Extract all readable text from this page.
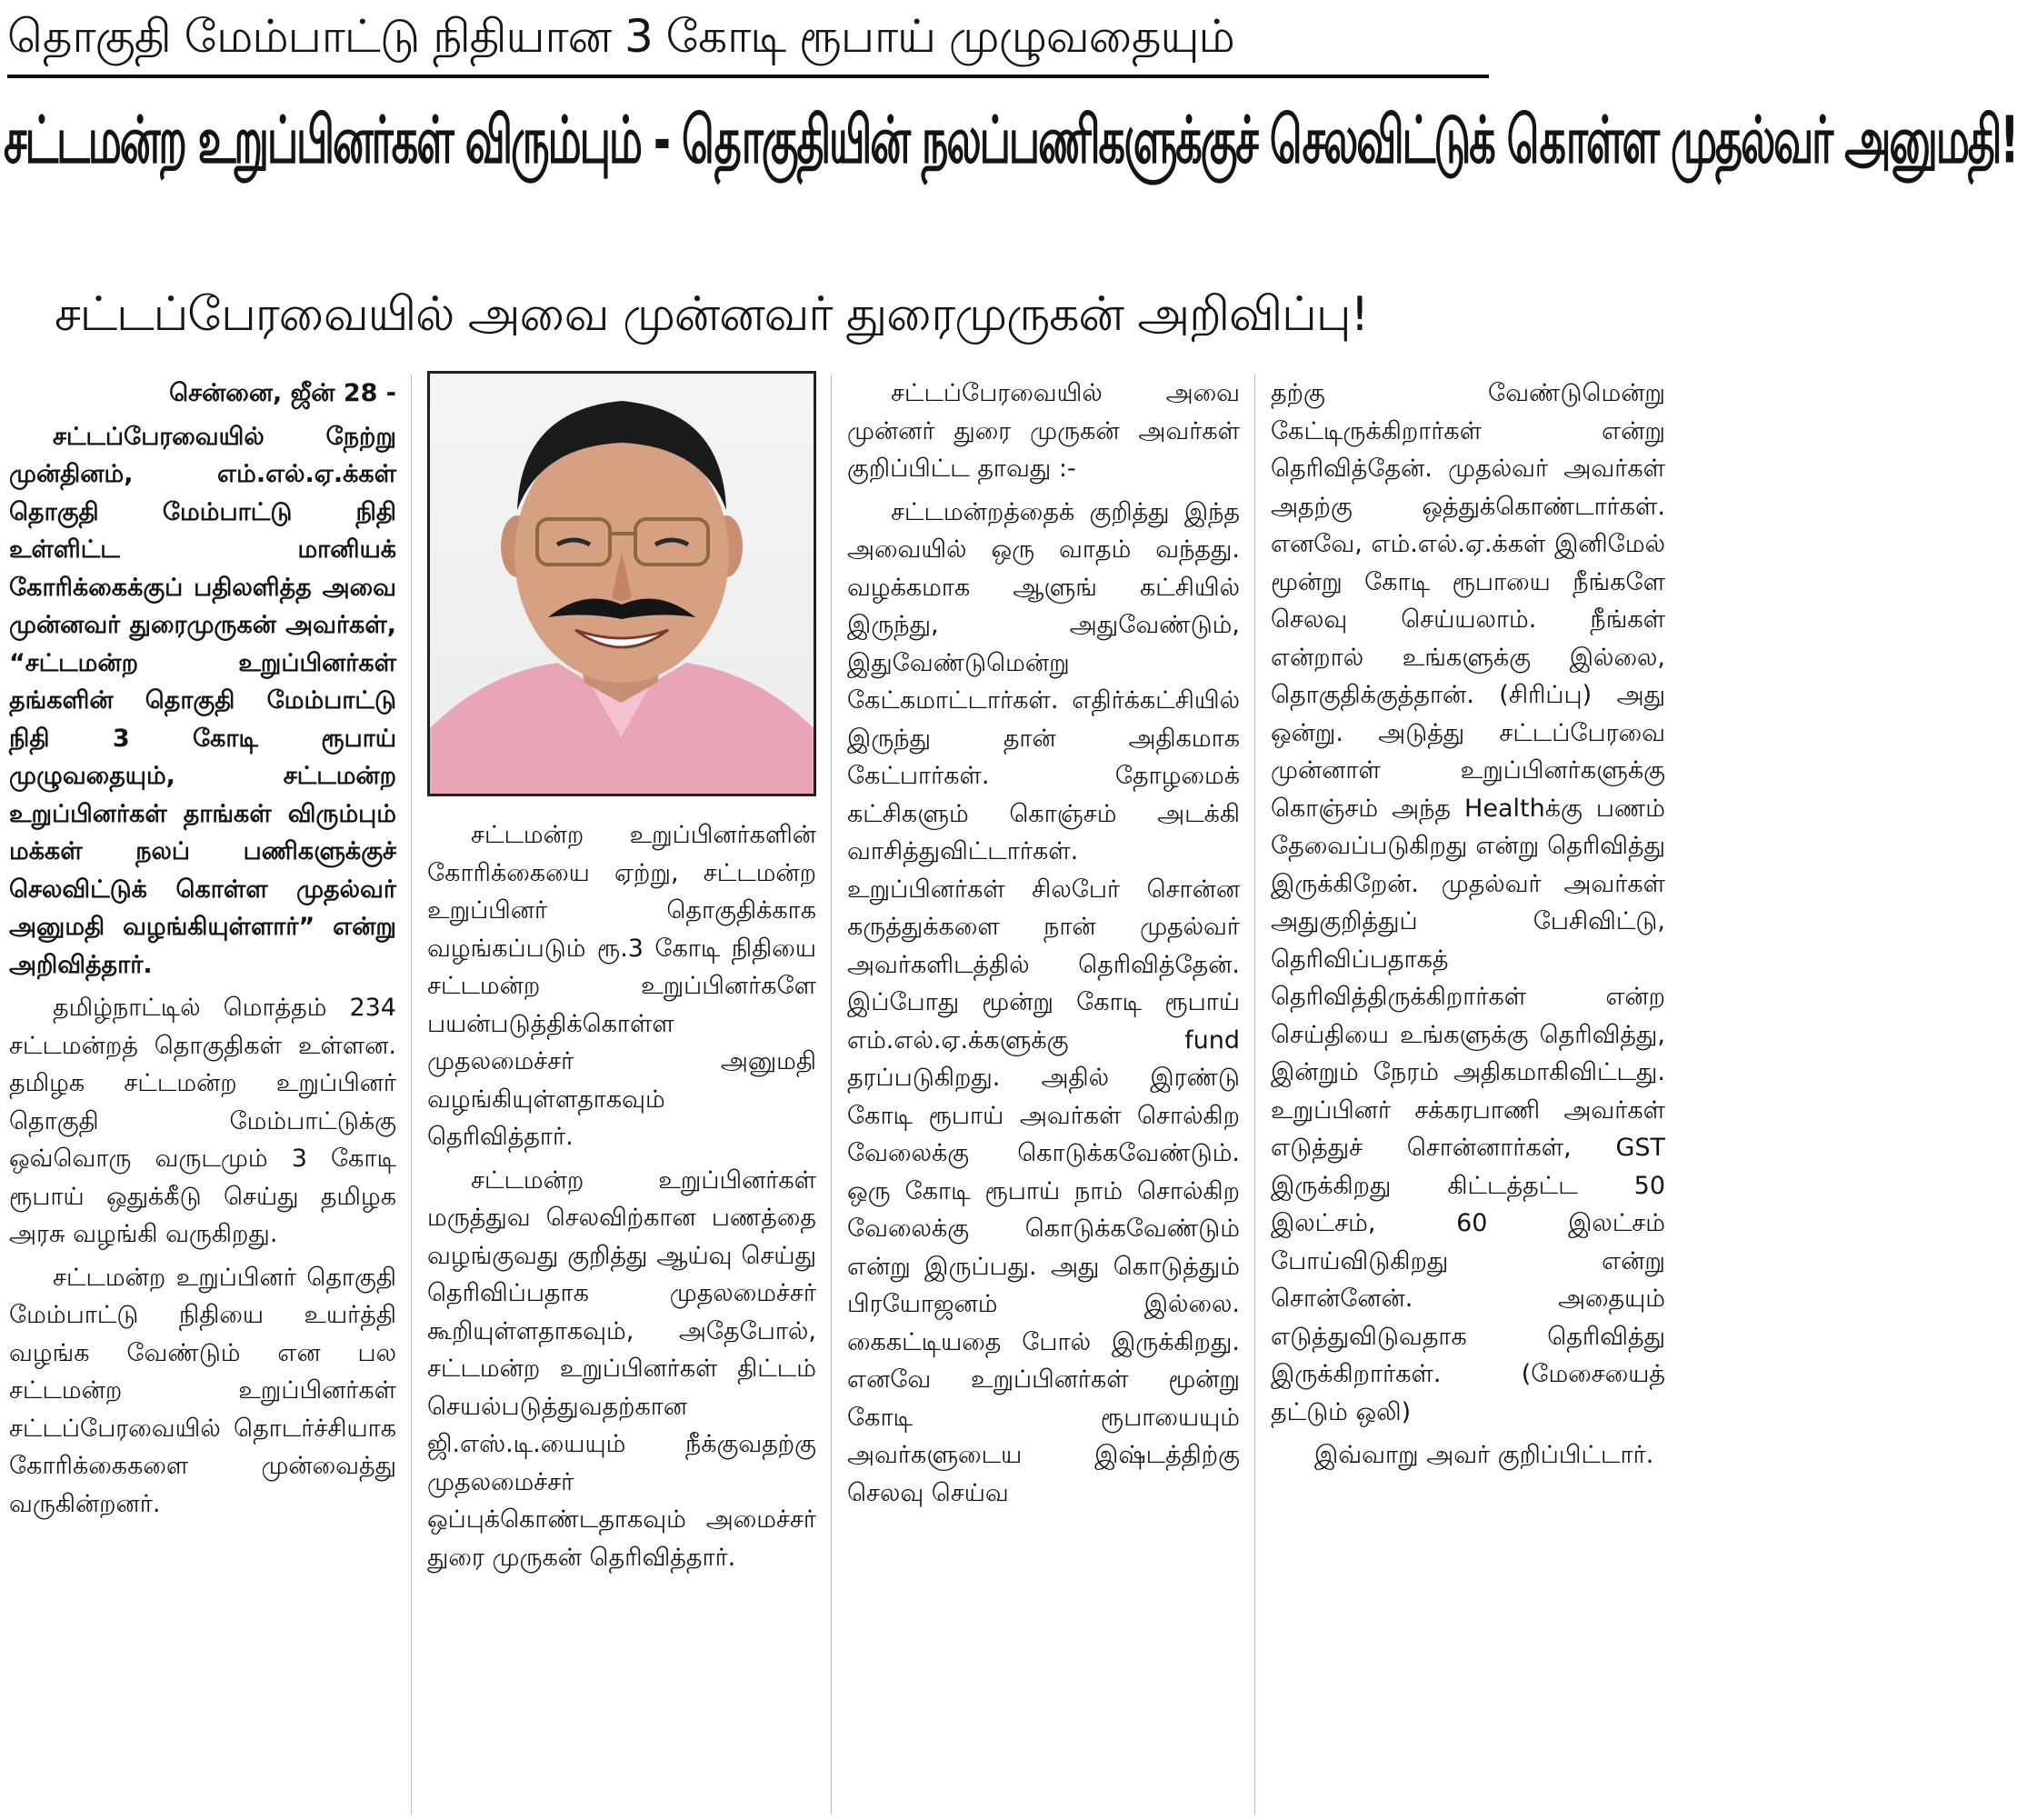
தொகுதி மேம்பாட்டு நிதியான 3 கோடி ரூபாய் முழுவதையும்
சட்டமன்ற உறுப்பினர்கள் விரும்பும் - தொகுதியின் நலப்பணிகளுக்குச் செலவிட்டுக் கொள்ள முதல்வர் அனுமதி!
சட்டப்பேரவையில் அவை முன்னவர் துரைமுருகன் அறிவிப்பு!

சென்னை, ஜீன் 28 -

சட்டப்பேரவையில் நேற்று முன்தினம், எம்.எல்.ஏ.க்கள் தொகுதி மேம்பாட்டு நிதி உள்ளிட்ட மானியக் கோரிக்கைக்குப் பதிலளித்த அவை முன்னவர் துரைமுருகன் அவர்கள், “சட்டமன்ற உறுப்பினர்கள் தங்களின் தொகுதி மேம்பாட்டு நிதி 3 கோடி ரூபாய் முழுவதையும், சட்டமன்ற உறுப்பினர்கள் தாங்கள் விரும்பும் மக்கள் நலப் பணிகளுக்குச் செலவிட்டுக் கொள்ள முதல்வர் அனுமதி வழங்கியுள்ளார்” என்று அறிவித்தார்.

தமிழ்நாட்டில் மொத்தம் 234 சட்டமன்றத் தொகுதிகள் உள்ளன. தமிழக சட்டமன்ற உறுப்பினர் தொகுதி மேம்பாட்டுக்கு ஒவ்வொரு வருடமும் 3 கோடி ரூபாய் ஒதுக்கீடு செய்து தமிழக அரசு வழங்கி வருகிறது.

சட்டமன்ற உறுப்பினர் தொகுதி மேம்பாட்டு நிதியை உயர்த்தி வழங்க வேண்டும் என பல சட்டமன்ற உறுப்பினர்கள் சட்டப்பேரவையில் தொடர்ச்சியாக கோரிக்கைகளை முன்வைத்து வருகின்றனர்.

சட்டமன்ற உறுப்பினர்களின் கோரிக்கையை ஏற்று, சட்டமன்ற உறுப்பினர் தொகுதிக்காக வழங்கப்படும் ரூ.3 கோடி நிதியை சட்டமன்ற உறுப்பினர்களே பயன்படுத்திக்கொள்ள முதலமைச்சர் அனுமதி வழங்கியுள்ளதாகவும் தெரிவித்தார்.

சட்டமன்ற உறுப்பினர்கள் மருத்துவ செலவிற்கான பணத்தை வழங்குவது குறித்து ஆய்வு செய்து தெரிவிப்பதாக முதலமைச்சர் கூறியுள்ளதாகவும், அதேபோல், சட்டமன்ற உறுப்பினர்கள் திட்டம் செயல்படுத்துவதற்கான ஜி.எஸ்.டி.யையும் நீக்குவதற்கு முதலமைச்சர் ஒப்புக்கொண்டதாகவும் அமைச்சர் துரை முருகன் தெரிவித்தார்.

சட்டப்பேரவையில் அவை முன்னர் துரை முருகன் அவர்கள் குறிப்பிட்ட தாவது :-

சட்டமன்றத்தைக் குறித்து இந்த அவையில் ஒரு வாதம் வந்தது. வழக்கமாக ஆளுங் கட்சியில் இருந்து, அதுவேண்டும், இதுவேண்டுமென்று கேட்கமாட்டார்கள். எதிர்க்கட்சியில் இருந்து தான் அதிகமாக கேட்பார்கள். தோழமைக் கட்சிகளும் கொஞ்சம் அடக்கி வாசித்துவிட்டார்கள். உறுப்பினர்கள் சிலபேர் சொன்ன கருத்துக்களை நான் முதல்வர் அவர்களிடத்தில் தெரிவித்தேன். இப்போது மூன்று கோடி ரூபாய் எம்.எல்.ஏ.க்களுக்கு fund தரப்படுகிறது. அதில் இரண்டு கோடி ரூபாய் அவர்கள் சொல்கிற வேலைக்கு கொடுக்கவேண்டும். ஒரு கோடி ரூபாய் நாம் சொல்கிற வேலைக்கு கொடுக்கவேண்டும் என்று இருப்பது. அது கொடுத்தும் பிரயோஜனம் இல்லை. கைகட்டியதை போல் இருக்கிறது. எனவே உறுப்பினர்கள் மூன்று கோடி ரூபாயையும் அவர்களுடைய இஷ்டத்திற்கு செலவு செய்வ

தற்கு வேண்டுமென்று கேட்டிருக்கிறார்கள் என்று தெரிவித்தேன். முதல்வர் அவர்கள் அதற்கு ஒத்துக்கொண்டார்கள். எனவே, எம்.எல்.ஏ.க்கள் இனிமேல் மூன்று கோடி ரூபாயை நீங்களே செலவு செய்யலாம். நீங்கள் என்றால் உங்களுக்கு இல்லை, தொகுதிக்குத்தான். (சிரிப்பு) அது ஒன்று. அடுத்து சட்டப்பேரவை முன்னாள் உறுப்பினர்களுக்கு கொஞ்சம் அந்த Healthக்கு பணம் தேவைப்படுகிறது என்று தெரிவித்து இருக்கிறேன். முதல்வர் அவர்கள் அதுகுறித்துப் பேசிவிட்டு, தெரிவிப்பதாகத் தெரிவித்திருக்கிறார்கள் என்ற செய்தியை உங்களுக்கு தெரிவித்து, இன்றும் நேரம் அதிகமாகிவிட்டது. உறுப்பினர் சக்கரபாணி அவர்கள் எடுத்துச் சொன்னார்கள், GST இருக்கிறது கிட்டத்தட்ட 50 இலட்சம், 60 இலட்சம் போய்விடுகிறது என்று சொன்னேன். அதையும் எடுத்துவிடுவதாக தெரிவித்து இருக்கிறார்கள். (மேசையைத் தட்டும் ஒலி)

இவ்வாறு அவர் குறிப்பிட்டார்.
